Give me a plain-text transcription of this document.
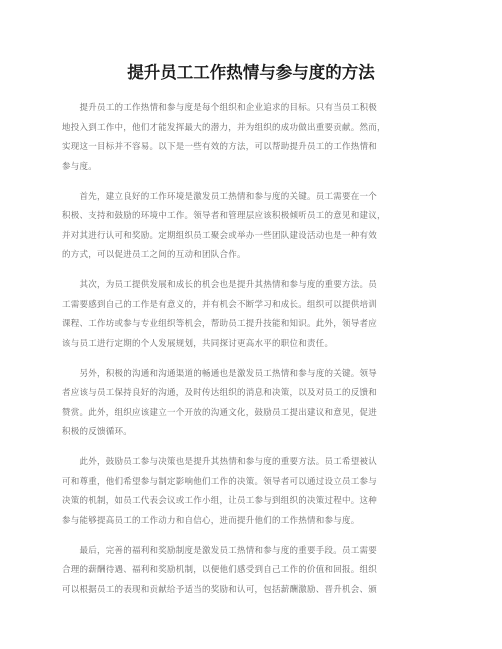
提升员工工作热情与参与度的方法
　　提升员工的工作热情和参与度是每个组织和企业追求的目标。只有当员工积极
地投入到工作中，他们才能发挥最大的潜力，并为组织的成功做出重要贡献。然而，
实现这一目标并不容易。以下是一些有效的方法，可以帮助提升员工的工作热情和
参与度。
　　首先，建立良好的工作环境是激发员工热情和参与度的关键。员工需要在一个
积极、支持和鼓励的环境中工作。领导者和管理层应该积极倾听员工的意见和建议，
并对其进行认可和奖励。定期组织员工聚会或举办一些团队建设活动也是一种有效
的方式，可以促进员工之间的互动和团队合作。
　　其次，为员工提供发展和成长的机会也是提升其热情和参与度的重要方法。员
工需要感到自己的工作是有意义的，并有机会不断学习和成长。组织可以提供培训
课程、工作坊或参与专业组织等机会，帮助员工提升技能和知识。此外，领导者应
该与员工进行定期的个人发展规划，共同探讨更高水平的职位和责任。
　　另外，积极的沟通和沟通渠道的畅通也是激发员工热情和参与度的关键。领导
者应该与员工保持良好的沟通，及时传达组织的消息和决策，以及对员工的反馈和
赞赏。此外，组织应该建立一个开放的沟通文化，鼓励员工提出建议和意见，促进
积极的反馈循环。
　　此外，鼓励员工参与决策也是提升其热情和参与度的重要方法。员工希望被认
可和尊重，他们希望参与制定影响他们工作的决策。领导者可以通过设立员工参与
决策的机制，如员工代表会议或工作小组，让员工参与到组织的决策过程中。这种
参与能够提高员工的工作动力和自信心，进而提升他们的工作热情和参与度。
　　最后，完善的福利和奖励制度是激发员工热情和参与度的重要手段。员工需要
合理的薪酬待遇、福利和奖励机制，以便他们感受到自己工作的价值和回报。组织
可以根据员工的表现和贡献给予适当的奖励和认可，包括薪酬激励、晋升机会、颁
